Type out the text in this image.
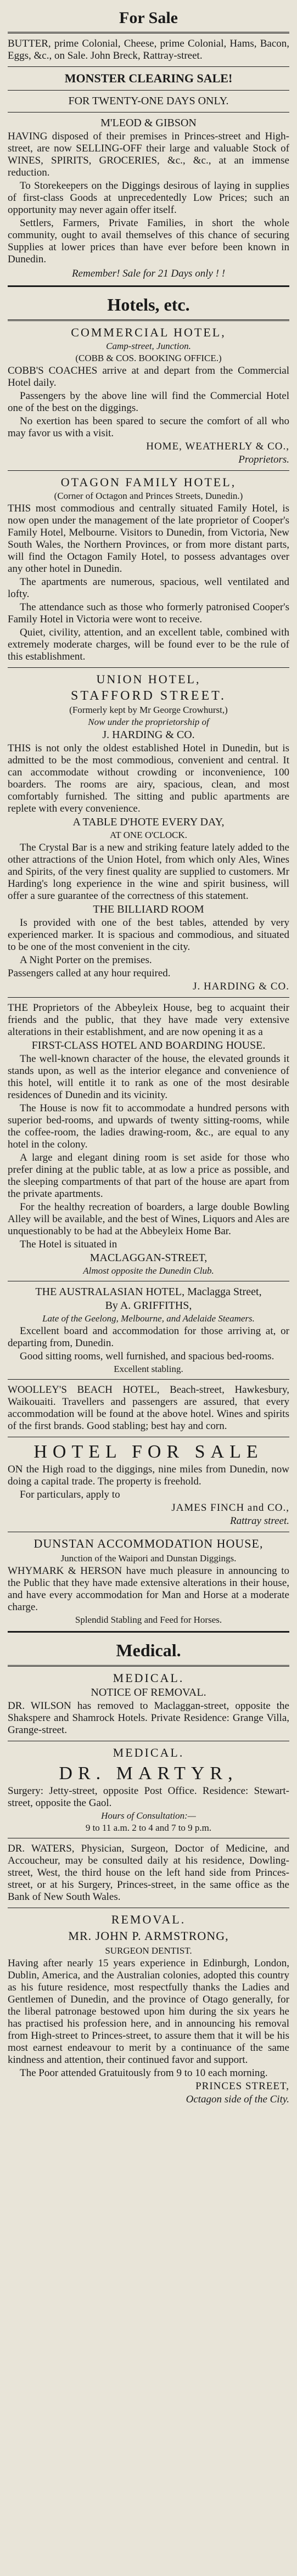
For Sale

BUTTER, prime Colonial, Cheese, prime Colonial, Hams, Bacon, Eggs, &c., on Sale. John Breck, Rattray-street.

MONSTER CLEARING SALE!
FOR TWENTY-ONE DAYS ONLY.
M'LEOD & GIBSON

HAVING disposed of their premises in Princes-street and High-street, are now SELLING-OFF their large and valuable Stock of WINES, SPIRITS, GROCERIES, &c., &c., at an immense reduction.

To Storekeepers on the Diggings desirous of laying in supplies of first-class Goods at unprecedentedly Low Prices; such an opportunity may never again offer itself.

Settlers, Farmers, Private Families, in short the whole community, ought to avail themselves of this chance of securing Supplies at lower prices than have ever before been known in Dunedin.

Remember! Sale for 21 Days only ! !

Hotels, etc.
COMMERCIAL HOTEL,
Camp-street, Junction.
(COBB & COS. BOOKING OFFICE.)

COBB'S COACHES arrive at and depart from the Commercial Hotel daily.

Passengers by the above line will find the Commercial Hotel one of the best on the diggings.

No exertion has been spared to secure the comfort of all who may favor us with a visit.

HOME, WEATHERLY & CO.,
Proprietors.
OTAGON FAMILY HOTEL,
(Corner of Octagon and Princes Streets, Dunedin.)

THIS most commodious and centrally situated Family Hotel, is now open under the management of the late proprietor of Cooper's Family Hotel, Melbourne. Visitors to Dunedin, from Victoria, New South Wales, the Northern Provinces, or from more distant parts, will find the Octagon Family Hotel, to possess advantages over any other hotel in Dunedin.

The apartments are numerous, spacious, well ventilated and lofty.

The attendance such as those who formerly patronised Cooper's Family Hotel in Victoria were wont to receive.

Quiet, civility, attention, and an excellent table, combined with extremely moderate charges, will be found ever to be the rule of this establishment.

UNION HOTEL,
STAFFORD STREET.
(Formerly kept by Mr George Crowhurst,)
Now under the proprietorship of
J. HARDING & CO.

THIS is not only the oldest established Hotel in Dunedin, but is admitted to be the most commodious, convenient and central. It can accommodate without crowding or inconvenience, 100 boarders. The rooms are airy, spacious, clean, and most comfortably furnished. The sitting and public apartments are replete with every convenience.

A TABLE D'HOTE EVERY DAY,
AT ONE O'CLOCK.

The Crystal Bar is a new and striking feature lately added to the other attractions of the Union Hotel, from which only Ales, Wines and Spirits, of the very finest quality are supplied to customers. Mr Harding's long experience in the wine and spirit business, will offer a sure guarantee of the correctness of this statement.

THE BILLIARD ROOM

Is provided with one of the best tables, attended by very experienced marker. It is spacious and commodious, and situated to be one of the most convenient in the city.

A Night Porter on the premises.

Passengers called at any hour required.

J. HARDING & CO.

THE Proprietors of the Abbeyleix House, beg to acquaint their friends and the public, that they have made very extensive alterations in their establishment, and are now opening it as a

FIRST-CLASS HOTEL AND BOARDING HOUSE.

The well-known character of the house, the elevated grounds it stands upon, as well as the interior elegance and convenience of this hotel, will entitle it to rank as one of the most desirable residences of Dunedin and its vicinity.

The House is now fit to accommodate a hundred persons with superior bed-rooms, and upwards of twenty sitting-rooms, while the coffee-room, the ladies drawing-room, &c., are equal to any hotel in the colony.

A large and elegant dining room is set aside for those who prefer dining at the public table, at as low a price as possible, and the sleeping compartments of that part of the house are apart from the private apartments.

For the healthy recreation of boarders, a large double Bowling Alley will be available, and the best of Wines, Liquors and Ales are unquestionably to be had at the Abbeyleix Home Bar.

The Hotel is situated in

MACLAGGAN-STREET,
Almost opposite the Dunedin Club.
THE AUSTRALASIAN HOTEL, Maclagga Street,
By A. GRIFFITHS,
Late of the Geelong, Melbourne, and Adelaide Steamers.

Excellent board and accommodation for those arriving at, or departing from, Dunedin.

Good sitting rooms, well furnished, and spacious bed-rooms.

Excellent stabling.

WOOLLEY'S BEACH HOTEL, Beach-street, Hawkesbury, Waikouaiti. Travellers and passengers are assured, that every accommodation will be found at the above hotel. Wines and spirits of the first brands. Good stabling; best hay and corn.

HOTEL FOR SALE

ON the High road to the diggings, nine miles from Dunedin, now doing a capital trade. The property is freehold.

For particulars, apply to

JAMES FINCH and CO.,
Rattray street.
DUNSTAN ACCOMMODATION HOUSE,
Junction of the Waipori and Dunstan Diggings.

WHYMARK & HERSON have much pleasure in announcing to the Public that they have made extensive alterations in their house, and have every accommodation for Man and Horse at a moderate charge.

Splendid Stabling and Feed for Horses.
Medical.
MEDICAL.
NOTICE OF REMOVAL.

DR. WILSON has removed to Maclaggan-street, opposite the Shakspere and Shamrock Hotels. Private Residence: Grange Villa, Grange-street.

MEDICAL.
DR. MARTYR,

Surgery: Jetty-street, opposite Post Office. Residence: Stewart-street, opposite the Gaol.

Hours of Consultation:—
9 to 11 a.m. 2 to 4 and 7 to 9 p.m.

DR. WATERS, Physician, Surgeon, Doctor of Medicine, and Accoucheur, may be consulted daily at his residence, Dowling-street, West, the third house on the left hand side from Princes-street, or at his Surgery, Princes-street, in the same office as the Bank of New South Wales.

REMOVAL.
MR. JOHN P. ARMSTRONG,
SURGEON DENTIST.

Having after nearly 15 years experience in Edinburgh, London, Dublin, America, and the Australian colonies, adopted this country as his future residence, most respectfully thanks the Ladies and Gentlemen of Dunedin, and the province of Otago generally, for the liberal patronage bestowed upon him during the six years he has practised his profession here, and in announcing his removal from High-street to Princes-street, to assure them that it will be his most earnest endeavour to merit by a continuance of the same kindness and attention, their continued favor and support.

The Poor attended Gratuitously from 9 to 10 each morning.

PRINCES STREET,
Octagon side of the City.
